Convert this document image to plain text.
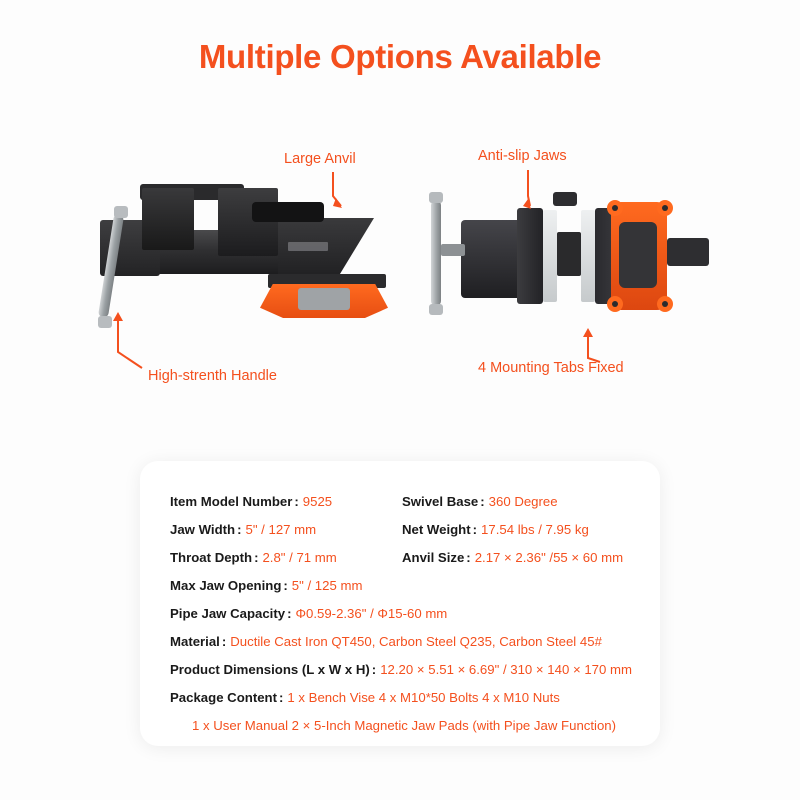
Multiple Options Available
Large Anvil	Anti-slip Jaws
High-strenth Handle	4 Mounting Tabs Fixed
Item Model Number : 9525	Swivel Base : 360 Degree
Jaw Width : 5" / 127 mm	Net Weight : 17.54 lbs / 7.95 kg
Throat Depth : 2.8" / 71 mm	Anvil Size : 2.17 × 2.36" /55 × 60 mm
Max Jaw Opening : 5" / 125 mm
Pipe Jaw Capacity : Φ0.59-2.36" / Φ15-60 mm
Material : Ductile Cast Iron QT450, Carbon Steel Q235, Carbon Steel 45#
Product Dimensions (L x W x H) : 12.20 × 5.51 × 6.69" / 310 × 140 × 170 mm
Package Content : 1 x Bench Vise 4 x M10*50 Bolts 4 x M10 Nuts
1 x User Manual 2 × 5-Inch Magnetic Jaw Pads (with Pipe Jaw Function)
